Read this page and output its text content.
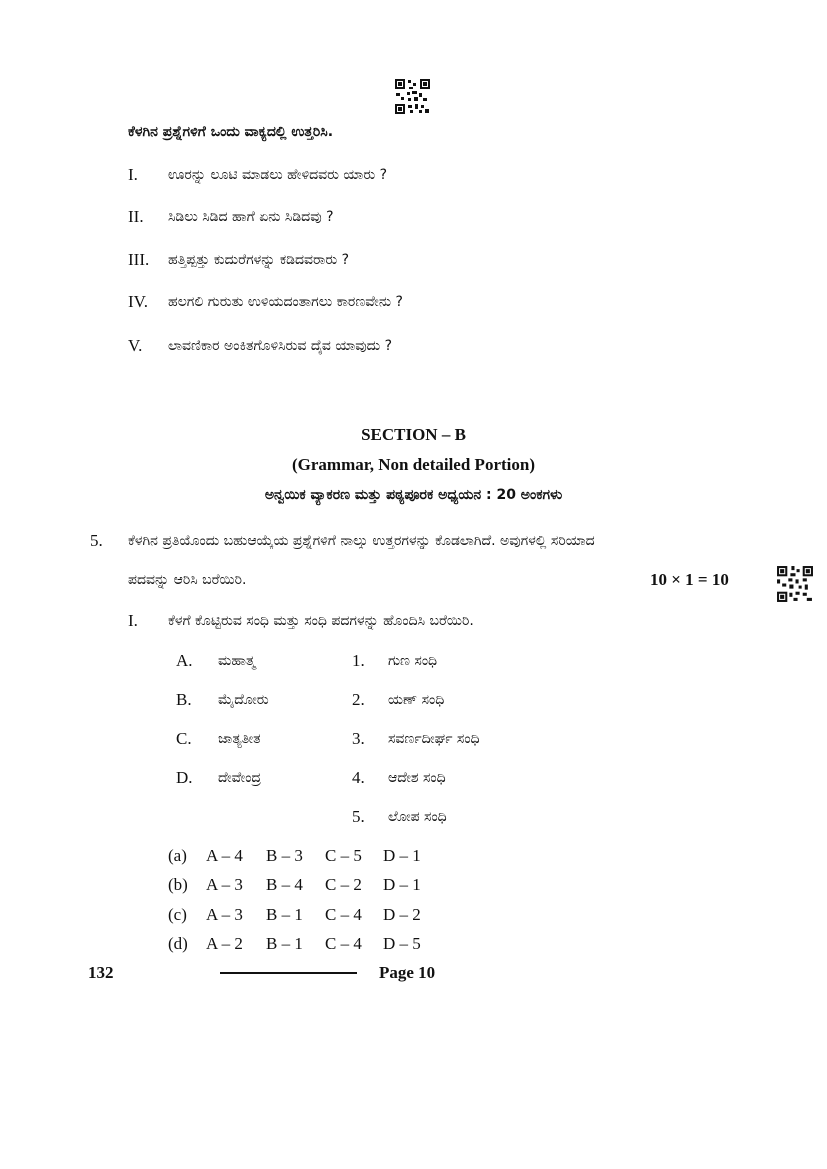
ಕೆಳಗಿನ ಪ್ರಶ್ನೆಗಳಿಗೆ ಒಂದು ವಾಕ್ಯದಲ್ಲಿ ಉತ್ತರಿಸಿ.
I. ಊರನ್ನು ಲೂಟಿ ಮಾಡಲು ಹೇಳಿದವರು ಯಾರು ?
II. ಸಿಡಿಲು ಸಿಡಿದ ಹಾಗೆ ಏನು ಸಿಡಿದವು ?
III. ಹತ್ತಿಪ್ಪತ್ತು ಕುದುರೆಗಳನ್ನು ಕಡಿದವರಾರು ?
IV. ಹಲಗಲಿ ಗುರುತು ಉಳಿಯದಂತಾಗಲು ಕಾರಣವೇನು ?
V. ಲಾವಣಿಕಾರ ಅಂಕಿತಗೊಳಿಸಿರುವ ದೈವ ಯಾವುದು ?
SECTION – B
(Grammar, Non detailed Portion)
ಅನ್ವಯಿಕ ವ್ಯಾಕರಣ ಮತ್ತು ಪಠ್ಯಪೂರಕ ಅಧ್ಯಯನ : 20 ಅಂಕಗಳು
5. ಕೆಳಗಿನ ಪ್ರತಿಯೊಂದು ಬಹುಆಯ್ಕೆಯ ಪ್ರಶ್ನೆಗಳಿಗೆ ನಾಲ್ಕು ಉತ್ತರಗಳನ್ನು ಕೊಡಲಾಗಿದೆ. ಅವುಗಳಲ್ಲಿ ಸರಿಯಾದ
ಪದವನ್ನು ಆರಿಸಿ ಬರೆಯಿರಿ.	10 × 1 = 10
I. ಕೆಳಗೆ ಕೊಟ್ಟಿರುವ ಸಂಧಿ ಮತ್ತು ಸಂಧಿ ಪದಗಳನ್ನು ಹೊಂದಿಸಿ ಬರೆಯಿರಿ.
A. ಮಹಾತ್ಮ	1. ಗುಣ ಸಂಧಿ
B. ಮೈದೋರು	2. ಯಣ್ ಸಂಧಿ
C. ಜಾತ್ಯತೀತ	3. ಸವರ್ಣದೀರ್ಘ ಸಂಧಿ
D. ದೇವೇಂದ್ರ	4. ಆದೇಶ ಸಂಧಿ
5. ಲೋಪ ಸಂಧಿ
(a) A – 4 B – 3 C – 5 D – 1
(b) A – 3 B – 4 C – 2 D – 1
(c) A – 3 B – 1 C – 4 D – 2
(d) A – 2 B – 1 C – 4 D – 5
132	Page 10
